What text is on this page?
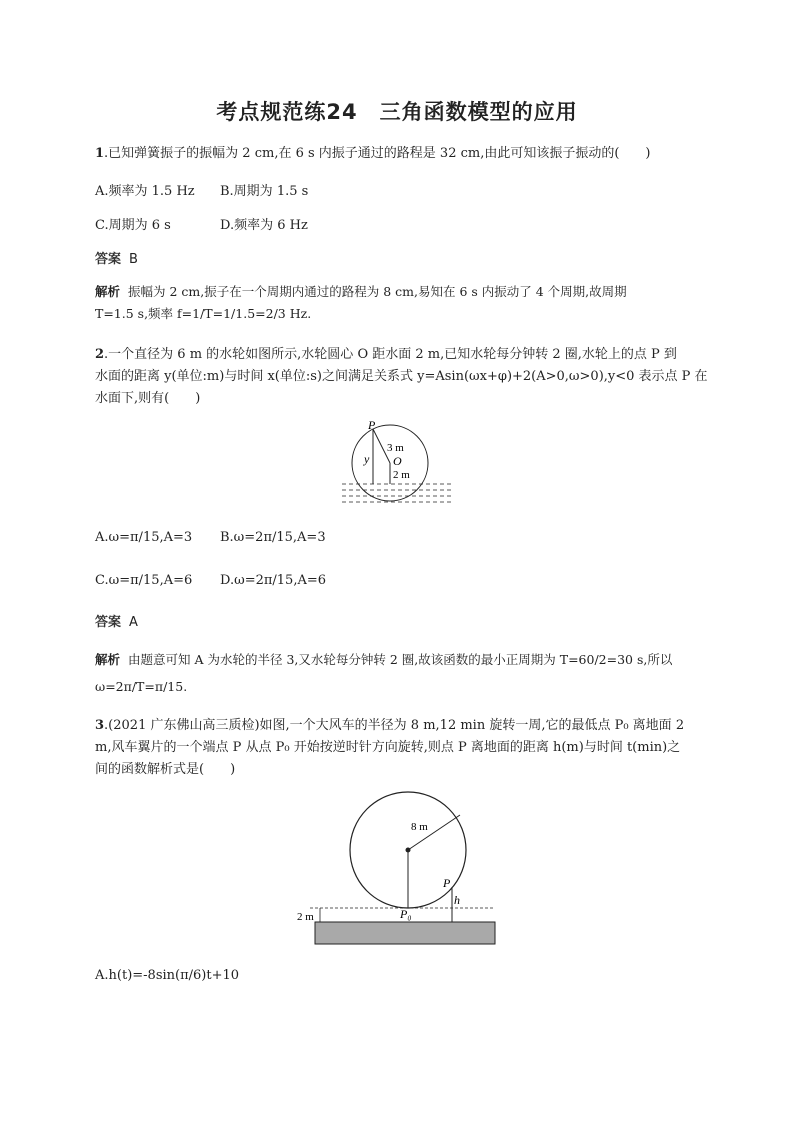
考点规范练24　三角函数模型的应用
1.已知弹簧振子的振幅为 2 cm,在 6 s 内振子通过的路程是 32 cm,由此可知该振子振动的(　　)
A.频率为 1.5 Hz B.周期为 1.5 s
C.周期为 6 s	D.频率为 6 Hz
答案 B
解析 振幅为 2 cm,振子在一个周期内通过的路程为 8 cm,易知在 6 s 内振动了 4 个周期,故周期
T=1.5 s,频率 f=1/T=1/1.5=2/3 Hz.
2.一个直径为 6 m 的水轮如图所示,水轮圆心 O 距水面 2 m,已知水轮每分钟转 2 圈,水轮上的点 P 到
水面的距离 y(单位:m)与时间 x(单位:s)之间满足关系式 y=Asin(ωx+φ)+2(A>0,ω>0),y<0 表示点 P 在
水面下,则有(　　)
P
3 m
O
y
2 m
A.ω=π/15,A=3 B.ω=2π/15,A=3
C.ω=π/15,A=6 D.ω=2π/15,A=6
答案 A
解析 由题意可知 A 为水轮的半径 3,又水轮每分钟转 2 圈,故该函数的最小正周期为 T=60/2=30 s,所以
ω=2π/T=π/15.
3.(2021 广东佛山高三质检)如图,一个大风车的半径为 8 m,12 min 旋转一周,它的最低点 P₀ 离地面 2
m,风车翼片的一个端点 P 从点 P₀ 开始按逆时针方向旋转,则点 P 离地面的距离 h(m)与时间 t(min)之
间的函数解析式是(　　)
8 m
P
P₀
h
2 m
A.h(t)=-8sin(π/6)t+10
